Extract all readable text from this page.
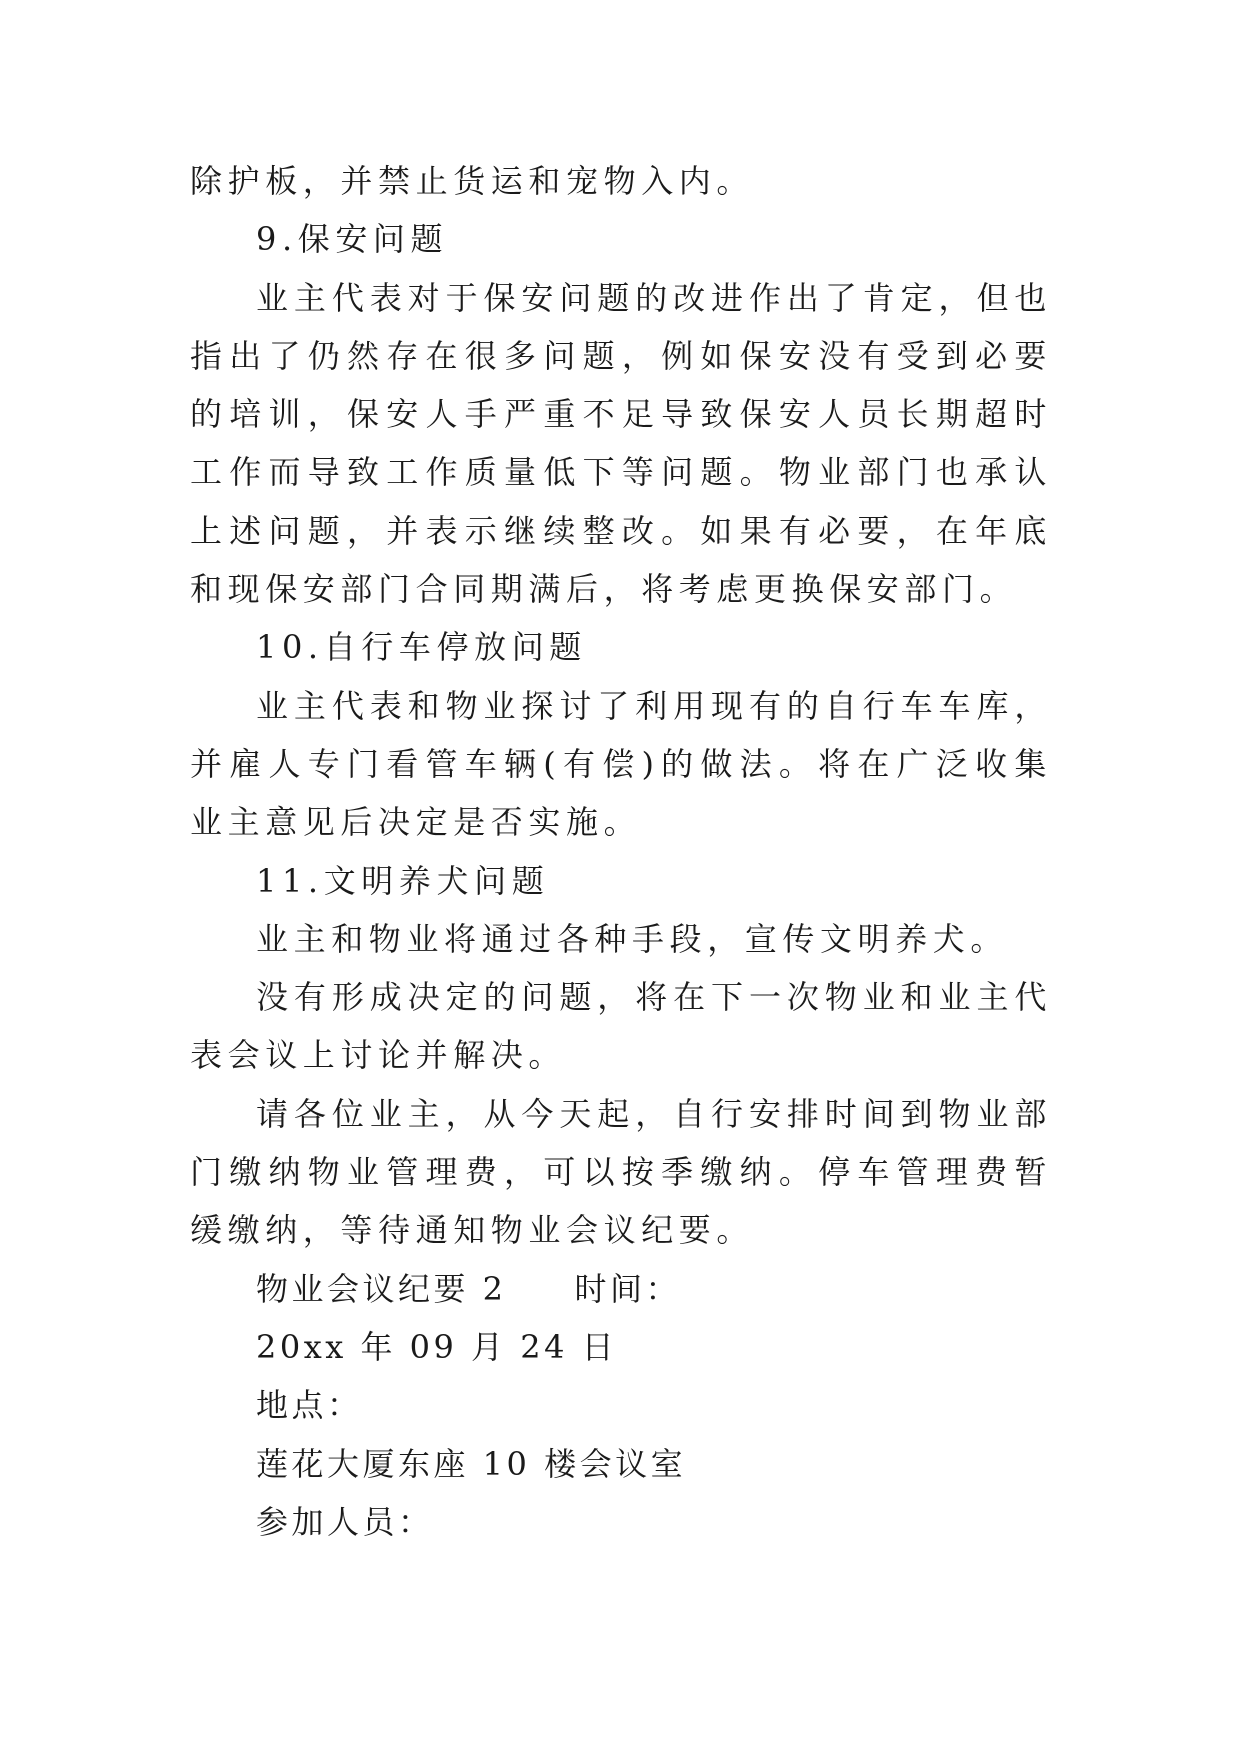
除护板，并禁止货运和宠物入内。

9.保安问题

业主代表对于保安问题的改进作出了肯定，但也指出了仍然存在很多问题，例如保安没有受到必要的培训，保安人手严重不足导致保安人员长期超时工作而导致工作质量低下等问题。物业部门也承认上述问题，并表示继续整改。如果有必要，在年底和现保安部门合同期满后，将考虑更换保安部门。

10.自行车停放问题

业主代表和物业探讨了利用现有的自行车车库，并雇人专门看管车辆(有偿)的做法。将在广泛收集业主意见后决定是否实施。

11.文明养犬问题

业主和物业将通过各种手段，宣传文明养犬。

没有形成决定的问题，将在下一次物业和业主代表会议上讨论并解决。

请各位业主，从今天起，自行安排时间到物业部门缴纳物业管理费，可以按季缴纳。停车管理费暂缓缴纳，等待通知物业会议纪要。

物业会议纪要 2 时间：

20xx 年 09 月 24 日

地点：

莲花大厦东座 10 楼会议室

参加人员：
